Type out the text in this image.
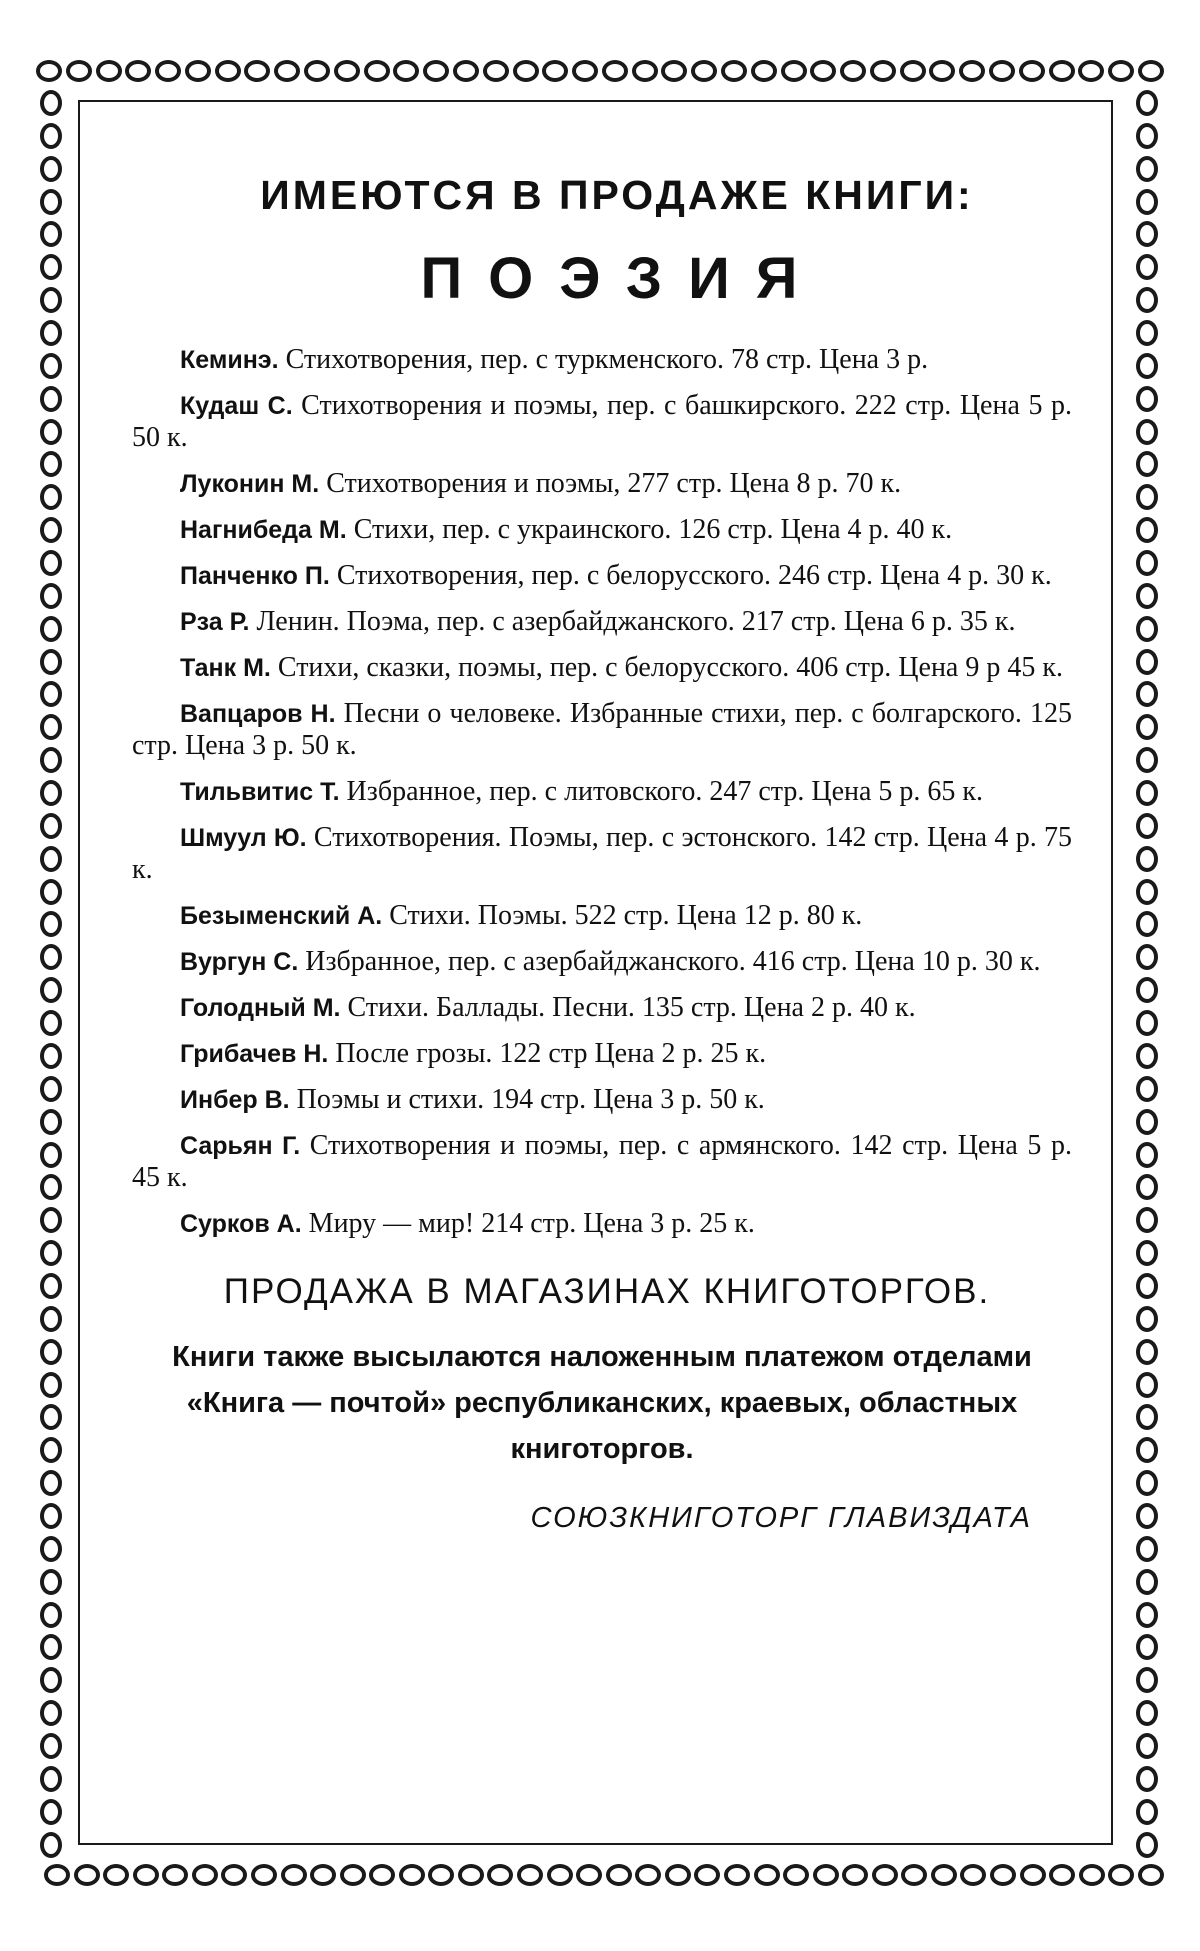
ИМЕЮТСЯ В ПРОДАЖЕ КНИГИ:
ПОЭЗИЯ

Кеминэ. Стихотворения, пер. с туркменского. 78 стр. Цена 3 р.

Кудаш С. Стихотворения и поэмы, пер. с башкирского. 222 стр. Цена 5 р. 50 к.

Луконин М. Стихотворения и поэмы, 277 стр. Цена 8 р. 70 к.

Нагнибеда М. Стихи, пер. с украинского. 126 стр. Цена 4 р. 40 к.

Панченко П. Стихотворения, пер. с белорусского. 246 стр. Цена 4 р. 30 к.

Рза Р. Ленин. Поэма, пер. с азербайджанского. 217 стр. Цена 6 р. 35 к.

Танк М. Стихи, сказки, поэмы, пер. с белорусского. 406 стр. Цена 9 р 45 к.

Вапцаров Н. Песни о человеке. Избранные стихи, пер. с болгарского. 125 стр. Цена 3 р. 50 к.

Тильвитис Т. Избранное, пер. с литовского. 247 стр. Цена 5 р. 65 к.

Шмуул Ю. Стихотворения. Поэмы, пер. с эстонского. 142 стр. Цена 4 р. 75 к.

Безыменский А. Стихи. Поэмы. 522 стр. Цена 12 р. 80 к.

Вургун С. Избранное, пер. с азербайджанского. 416 стр. Цена 10 р. 30 к.

Голодный М. Стихи. Баллады. Песни. 135 стр. Цена 2 р. 40 к.

Грибачев Н. После грозы. 122 стр Цена 2 р. 25 к.

Инбер В. Поэмы и стихи. 194 стр. Цена 3 р. 50 к.

Сарьян Г. Стихотворения и поэмы, пер. с армянского. 142 стр. Цена 5 р. 45 к.

Сурков А. Миру — мир! 214 стр. Цена 3 р. 25 к.

ПРОДАЖА В МАГАЗИНАХ КНИГОТОРГОВ.
Книги также высылаются наложенным платежом отделами «Книга — почтой» республиканских, краевых, областных книготоргов.
СОЮЗКНИГОТОРГ ГЛАВИЗДАТА
